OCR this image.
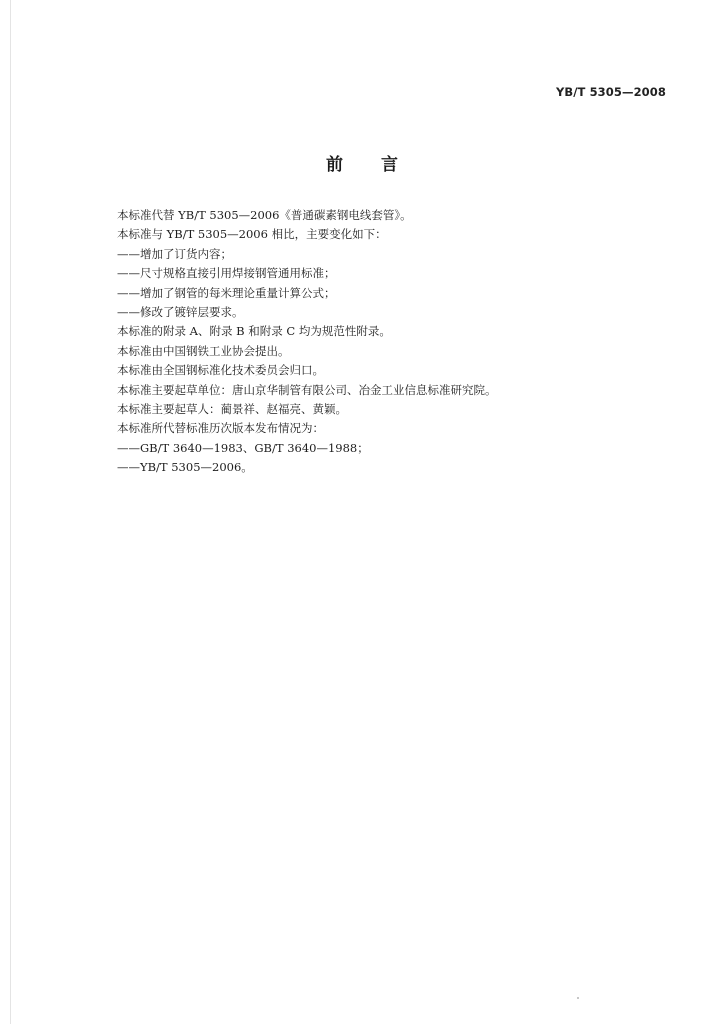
YB/T 5305—2008
前言
本标准代替 YB/T 5305—2006《普通碳素钢电线套管》。
本标准与 YB/T 5305—2006 相比，主要变化如下：
——增加了订货内容；
——尺寸规格直接引用焊接钢管通用标准；
——增加了钢管的每米理论重量计算公式；
——修改了镀锌层要求。
本标准的附录 A、附录 B 和附录 C 均为规范性附录。
本标准由中国钢铁工业协会提出。
本标准由全国钢标准化技术委员会归口。
本标准主要起草单位：唐山京华制管有限公司、冶金工业信息标准研究院。
本标准主要起草人：蔺景祥、赵福亮、黄颖。
本标准所代替标准历次版本发布情况为：
——GB/T 3640—1983、GB/T 3640—1988；
——YB/T 5305—2006。
